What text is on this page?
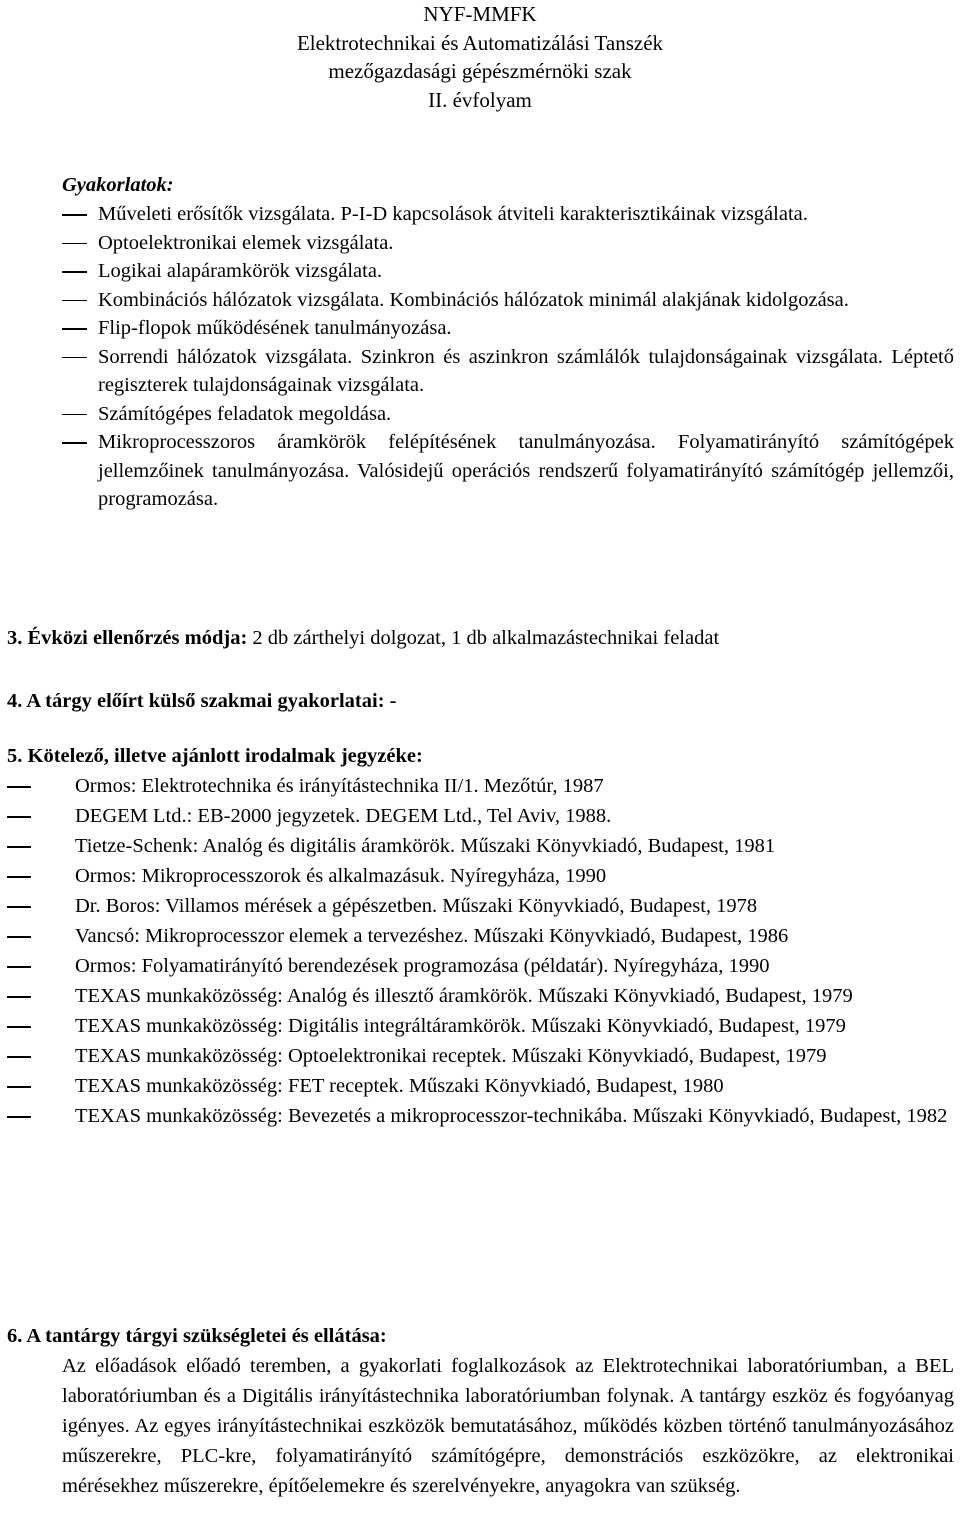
NYF-MMFK
Elektrotechnikai és Automatizálási Tanszék
mezőgazdasági gépészmérnöki szak
II. évfolyam
Gyakorlatok:
Műveleti erősítők vizsgálata. P-I-D kapcsolások átviteli karakterisztikáinak vizsgálata.
Optoelektronikai elemek vizsgálata.
Logikai alapáramkörök vizsgálata.
Kombinációs hálózatok vizsgálata. Kombinációs hálózatok minimál alakjának kidolgozása.
Flip-flopok működésének tanulmányozása.
Sorrendi hálózatok vizsgálata. Szinkron és aszinkron számlálók tulajdonságainak vizsgálata. Léptető regiszterek tulajdonságainak vizsgálata.
Számítógépes feladatok megoldása.
Mikroprocesszoros áramkörök felépítésének tanulmányozása. Folyamatirányító számítógépek jellemzőinek tanulmányozása. Valósidejű operációs rendszerű folyamatirányító számítógép jellemzői, programozása.

3. Évközi ellenőrzés módja: 2 db zárthelyi dolgozat, 1 db alkalmazástechnikai feladat

4. A tárgy előírt külső szakmai gyakorlatai: -

5. Kötelező, illetve ajánlott irodalmak jegyzéke:

Ormos: Elektrotechnika és irányítástechnika II/1. Mezőtúr, 1987
DEGEM Ltd.: EB-2000 jegyzetek. DEGEM Ltd., Tel Aviv, 1988.
Tietze-Schenk: Analóg és digitális áramkörök. Műszaki Könyvkiadó, Budapest, 1981
Ormos: Mikroprocesszorok és alkalmazásuk. Nyíregyháza, 1990
Dr. Boros: Villamos mérések a gépészetben. Műszaki Könyvkiadó, Budapest, 1978
Vancsó: Mikroprocesszor elemek a tervezéshez. Műszaki Könyvkiadó, Budapest, 1986
Ormos: Folyamatirányító berendezések programozása (példatár). Nyíregyháza, 1990
TEXAS munkaközösség: Analóg és illesztő áramkörök. Műszaki Könyvkiadó, Budapest, 1979
TEXAS munkaközösség: Digitális integráltáramkörök. Műszaki Könyvkiadó, Budapest, 1979
TEXAS munkaközösség: Optoelektronikai receptek. Műszaki Könyvkiadó, Budapest, 1979
TEXAS munkaközösség: FET receptek. Műszaki Könyvkiadó, Budapest, 1980
TEXAS munkaközösség: Bevezetés a mikroprocesszor-technikába. Műszaki Könyvkiadó, Budapest, 1982

6. A tantárgy tárgyi szükségletei és ellátása:

Az előadások előadó teremben, a gyakorlati foglalkozások az Elektrotechnikai laboratóriumban, a BEL laboratóriumban és a Digitális irányítástechnika laboratóriumban folynak. A tantárgy eszköz és fogyóanyag igényes. Az egyes irányítástechnikai eszközök bemutatásához, működés közben történő tanulmányozásához műszerekre, PLC-kre, folyamatirányító számítógépre, demonstrációs eszközökre, az elektronikai mérésekhez műszerekre, építőelemekre és szerelvényekre, anyagokra van szükség.
